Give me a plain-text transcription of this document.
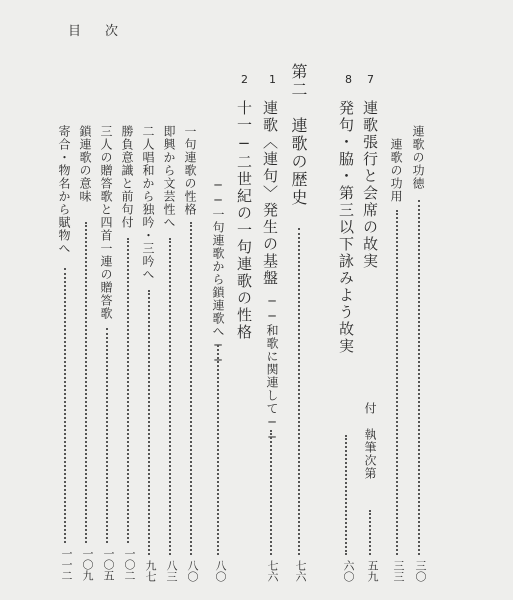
目	次
連歌の功徳
三〇
連歌の功用
三三
7
連歌張行と会席の故実
付　執筆次第
五九
8
発句・脇・第三以下詠みよう故実
六〇
第二　連歌の歴史
七六
1
連歌〈連句〉発生の基盤
──和歌に関連して──
七六
2
十一−二世紀の一句連歌の性格
──一句連歌から鎖連歌へ──
八〇
一句連歌の性格
八〇
即興から文芸性へ
八三
二人唱和から独吟・三吟へ
九七
勝負意識と前句付
一〇二
三人の贈答歌と四首一連の贈答歌
一〇五
鎖連歌の意味
一〇九
寄合・物名から賦物へ
一一二
